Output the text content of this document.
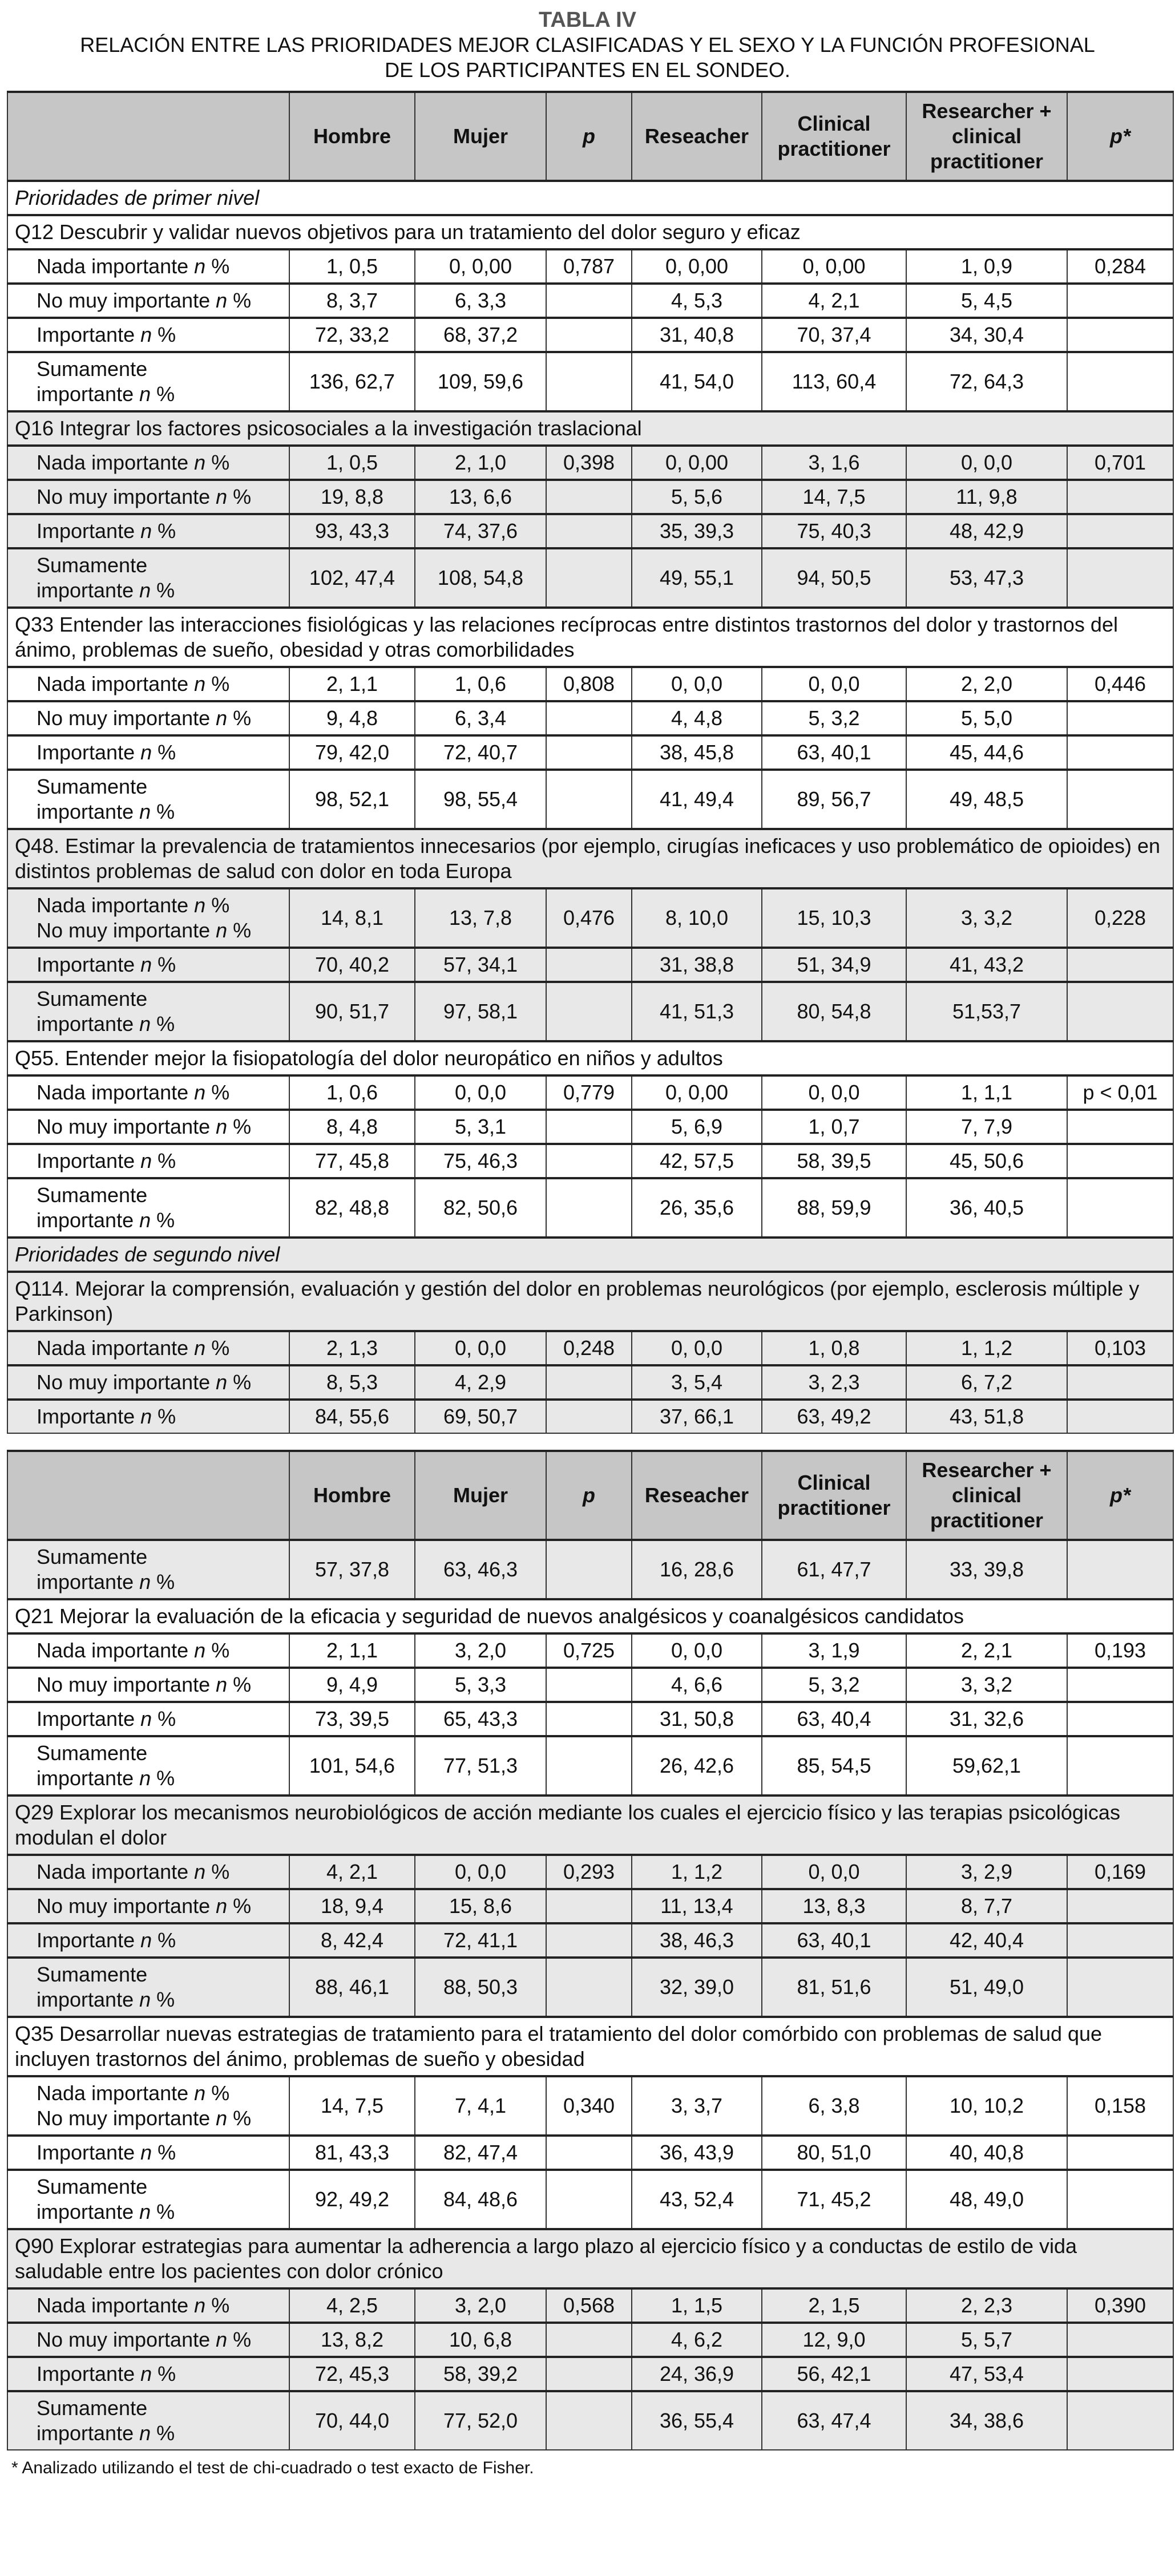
TABLA IV
RELACIÓN ENTRE LAS PRIORIDADES MEJOR CLASIFICADAS Y EL SEXO Y LA FUNCIÓN PROFESIONAL
DE LOS PARTICIPANTES EN EL SONDEO.
	Hombre	Mujer	p	Reseacher	Clinical practitioner	Researcher + clinical practitioner	p*
Prioridades de primer nivel							
Q12 Descubrir y validar nuevos objetivos para un tratamiento del dolor seguro y eficaz							

Nada importante n %	1, 0,5	0, 0,00	0,787	0, 0,00	0, 0,00	1, 0,9	0,284

No muy importante n %	8, 3,7	6, 3,3		4, 5,3	4, 2,1	5, 4,5	

Importante n %	72, 33,2	68, 37,2		31, 40,8	70, 37,4	34, 30,4	

Sumamente
importante n %	136, 62,7	109, 59,6		41, 54,0	113, 60,4	72, 64,3	
Q16 Integrar los factores psicosociales a la investigación traslacional							

Nada importante n %	1, 0,5	2, 1,0	0,398	0, 0,00	3, 1,6	0, 0,0	0,701

No muy importante n %	19, 8,8	13, 6,6		5, 5,6	14, 7,5	11, 9,8	

Importante n %	93, 43,3	74, 37,6		35, 39,3	75, 40,3	48, 42,9	

Sumamente
importante n %	102, 47,4	108, 54,8		49, 55,1	94, 50,5	53, 47,3	
Q33 Entender las interacciones fisiológicas y las relaciones recíprocas entre distintos trastornos del dolor y trastornos del ánimo, problemas de sueño, obesidad y otras comorbilidades							

Nada importante n %	2, 1,1	1, 0,6	0,808	0, 0,0	0, 0,0	2, 2,0	0,446

No muy importante n %	9, 4,8	6, 3,4		4, 4,8	5, 3,2	5, 5,0	

Importante n %	79, 42,0	72, 40,7		38, 45,8	63, 40,1	45, 44,6	

Sumamente
importante n %	98, 52,1	98, 55,4		41, 49,4	89, 56,7	49, 48,5	
Q48. Estimar la prevalencia de tratamientos innecesarios (por ejemplo, cirugías ineficaces y uso problemático de opioides) en distintos problemas de salud con dolor en toda Europa							

Nada importante n %
No muy importante n %	14, 8,1	13, 7,8	0,476	8, 10,0	15, 10,3	3, 3,2	0,228

Importante n %	70, 40,2	57, 34,1		31, 38,8	51, 34,9	41, 43,2	

Sumamente
importante n %	90, 51,7	97, 58,1		41, 51,3	80, 54,8	51,53,7	
Q55. Entender mejor la fisiopatología del dolor neuropático en niños y adultos							

Nada importante n %	1, 0,6	0, 0,0	0,779	0, 0,00	0, 0,0	1, 1,1	p < 0,01

No muy importante n %	8, 4,8	5, 3,1		5, 6,9	1, 0,7	7, 7,9	

Importante n %	77, 45,8	75, 46,3		42, 57,5	58, 39,5	45, 50,6	

Sumamente
importante n %	82, 48,8	82, 50,6		26, 35,6	88, 59,9	36, 40,5	
Prioridades de segundo nivel							
Q114. Mejorar la comprensión, evaluación y gestión del dolor en problemas neurológicos (por ejemplo, esclerosis múltiple y Parkinson)							

Nada importante n %	2, 1,3	0, 0,0	0,248	0, 0,0	1, 0,8	1, 1,2	0,103

No muy importante n %	8, 5,3	4, 2,9		3, 5,4	3, 2,3	6, 7,2	

Importante n %	84, 55,6	69, 50,7		37, 66,1	63, 49,2	43, 51,8	

	Hombre	Mujer	p	Reseacher	Clinical practitioner	Researcher + clinical practitioner	p*

Sumamente
importante n %	57, 37,8	63, 46,3		16, 28,6	61, 47,7	33, 39,8	
Q21 Mejorar la evaluación de la eficacia y seguridad de nuevos analgésicos y coanalgésicos candidatos							

Nada importante n %	2, 1,1	3, 2,0	0,725	0, 0,0	3, 1,9	2, 2,1	0,193

No muy importante n %	9, 4,9	5, 3,3		4, 6,6	5, 3,2	3, 3,2	

Importante n %	73, 39,5	65, 43,3		31, 50,8	63, 40,4	31, 32,6	

Sumamente
importante n %	101, 54,6	77, 51,3		26, 42,6	85, 54,5	59,62,1	
Q29 Explorar los mecanismos neurobiológicos de acción mediante los cuales el ejercicio físico y las terapias psicológicas modulan el dolor							

Nada importante n %	4, 2,1	0, 0,0	0,293	1, 1,2	0, 0,0	3, 2,9	0,169

No muy importante n %	18, 9,4	15, 8,6		11, 13,4	13, 8,3	8, 7,7	

Importante n %	8, 42,4	72, 41,1		38, 46,3	63, 40,1	42, 40,4	

Sumamente
importante n %	88, 46,1	88, 50,3		32, 39,0	81, 51,6	51, 49,0	
Q35 Desarrollar nuevas estrategias de tratamiento para el tratamiento del dolor comórbido con problemas de salud que incluyen trastornos del ánimo, problemas de sueño y obesidad							

Nada importante n %
No muy importante n %	14, 7,5	7, 4,1	0,340	3, 3,7	6, 3,8	10, 10,2	0,158

Importante n %	81, 43,3	82, 47,4		36, 43,9	80, 51,0	40, 40,8	

Sumamente
importante n %	92, 49,2	84, 48,6		43, 52,4	71, 45,2	48, 49,0	
Q90 Explorar estrategias para aumentar la adherencia a largo plazo al ejercicio físico y a conductas de estilo de vida saludable entre los pacientes con dolor crónico							

Nada importante n %	4, 2,5	3, 2,0	0,568	1, 1,5	2, 1,5	2, 2,3	0,390

No muy importante n %	13, 8,2	10, 6,8		4, 6,2	12, 9,0	5, 5,7	

Importante n %	72, 45,3	58, 39,2		24, 36,9	56, 42,1	47, 53,4	

Sumamente
importante n %	70, 44,0	77, 52,0		36, 55,4	63, 47,4	34, 38,6	
* Analizado utilizando el test de chi-cuadrado o test exacto de Fisher.
